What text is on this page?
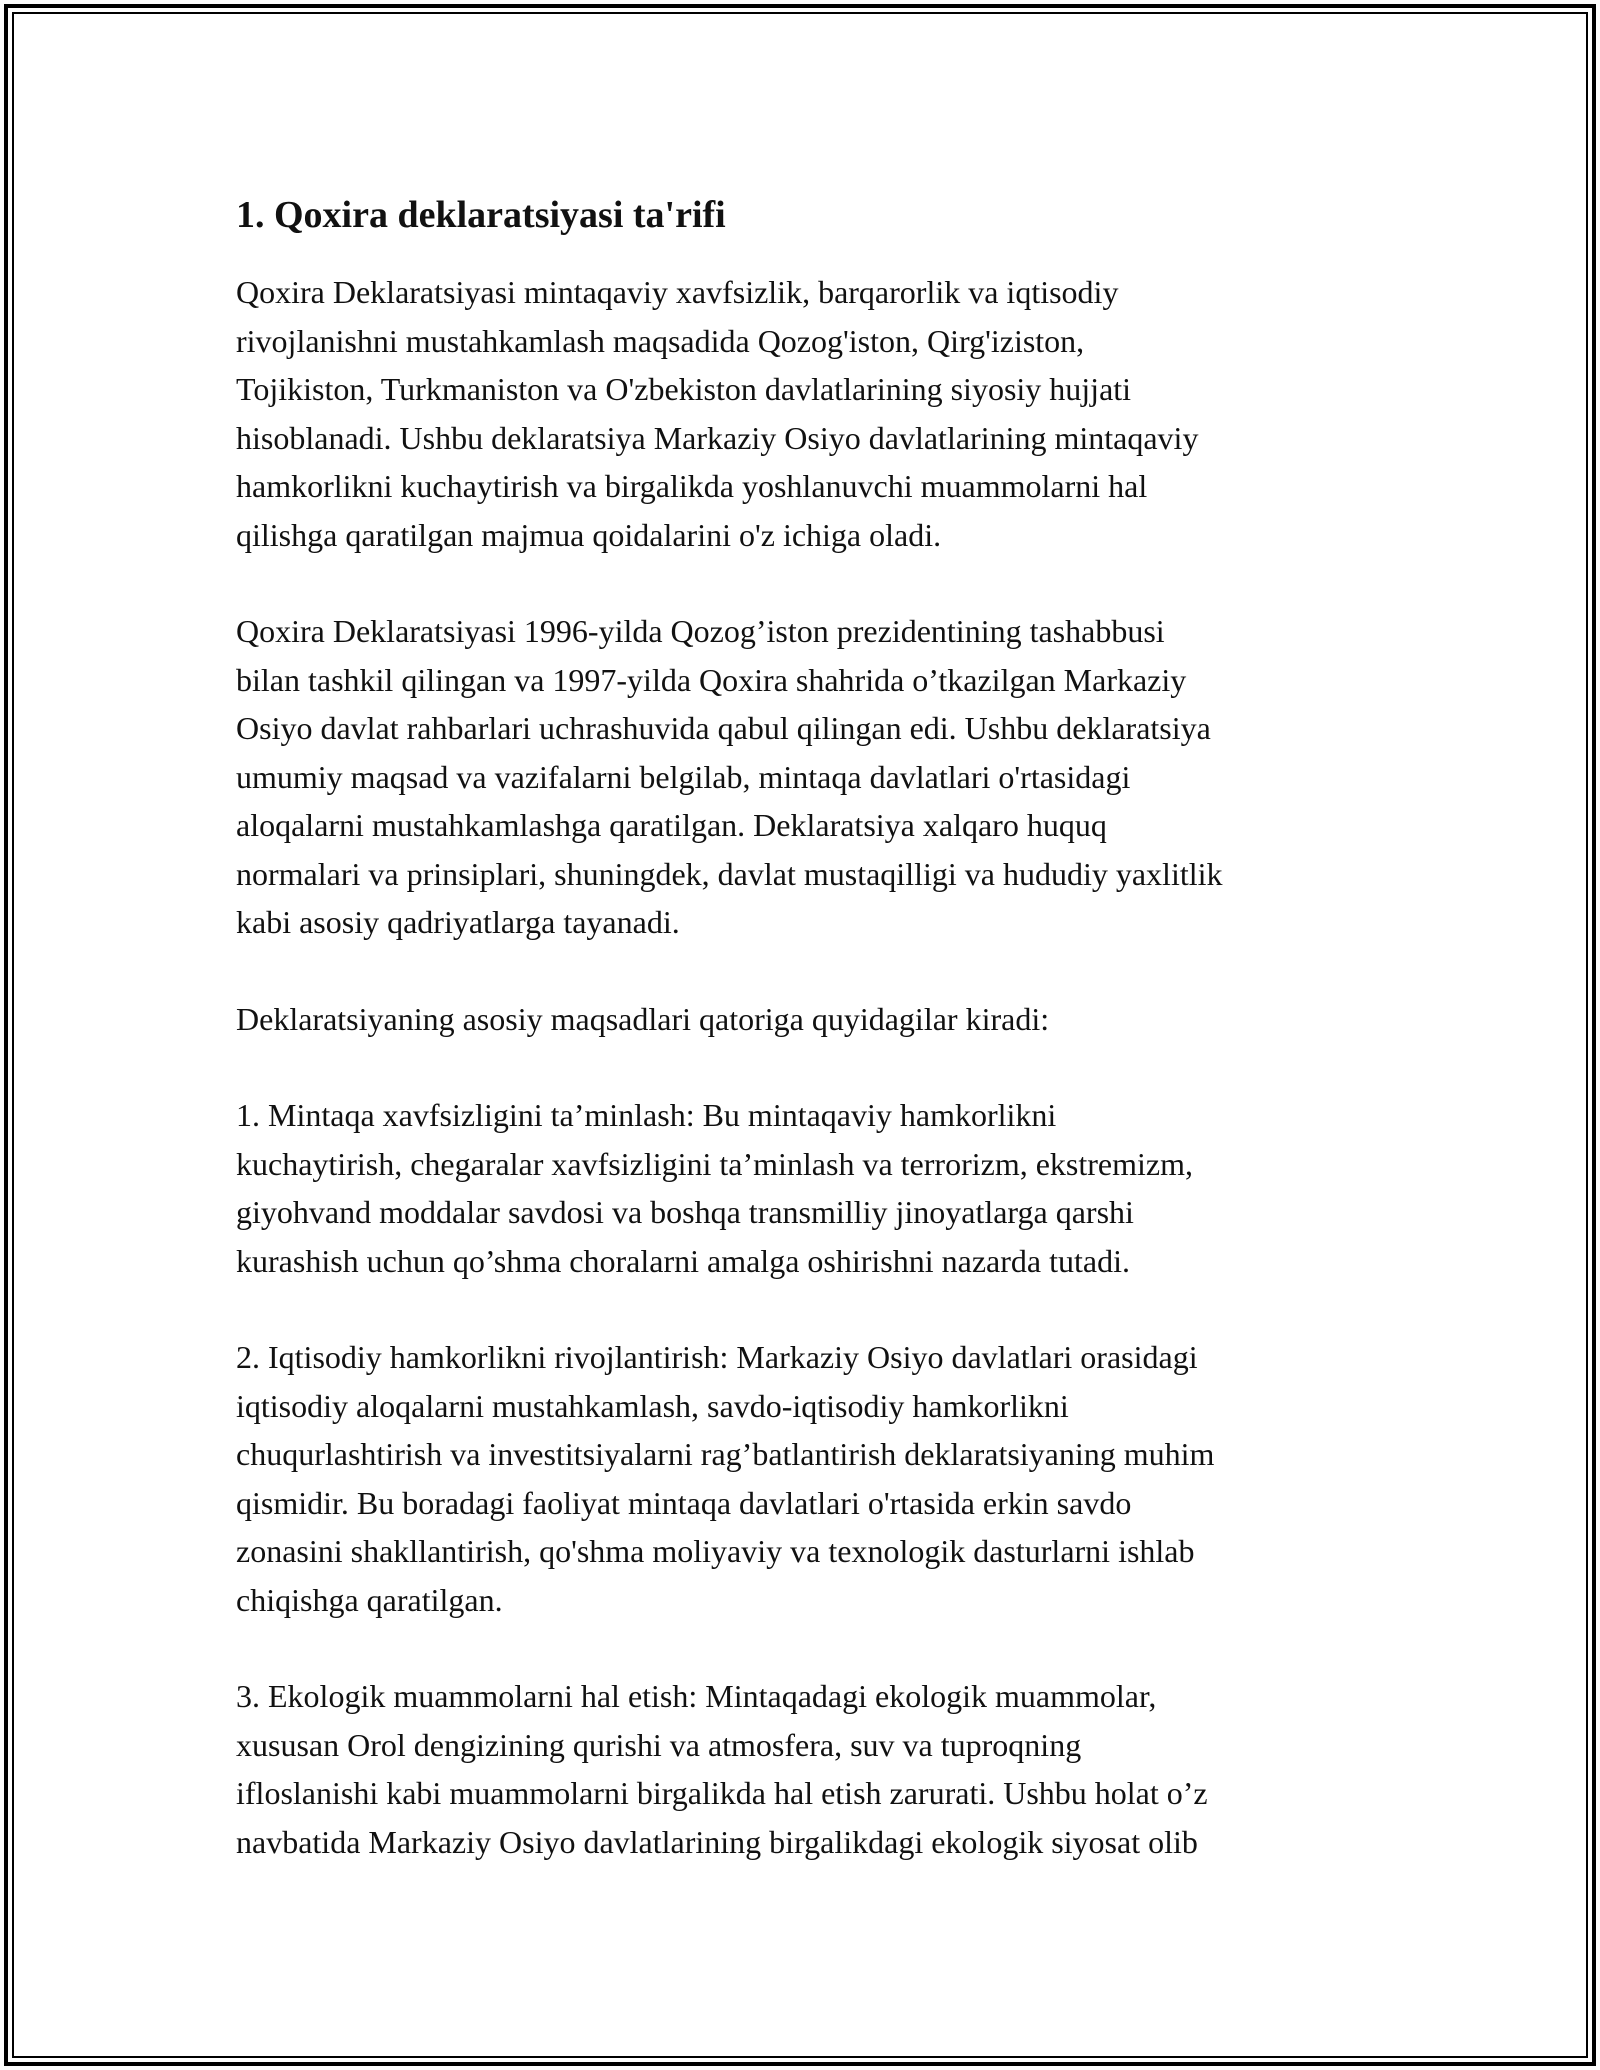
1. Qoxira deklaratsiyasi ta'rifi

Qoxira Deklaratsiyasi mintaqaviy xavfsizlik, barqarorlik va iqtisodiy
rivojlanishni mustahkamlash maqsadida Qozog'iston, Qirg'iziston,
Tojikiston, Turkmaniston va O'zbekiston davlatlarining siyosiy hujjati
hisoblanadi. Ushbu deklaratsiya Markaziy Osiyo davlatlarining mintaqaviy
hamkorlikni kuchaytirish va birgalikda yoshlanuvchi muammolarni hal
qilishga qaratilgan majmua qoidalarini o'z ichiga oladi.

Qoxira Deklaratsiyasi 1996-yilda Qozog’iston prezidentining tashabbusi
bilan tashkil qilingan va 1997-yilda Qoxira shahrida o’tkazilgan Markaziy
Osiyo davlat rahbarlari uchrashuvida qabul qilingan edi. Ushbu deklaratsiya
umumiy maqsad va vazifalarni belgilab, mintaqa davlatlari o'rtasidagi
aloqalarni mustahkamlashga qaratilgan. Deklaratsiya xalqaro huquq
normalari va prinsiplari, shuningdek, davlat mustaqilligi va hududiy yaxlitlik
kabi asosiy qadriyatlarga tayanadi.

Deklaratsiyaning asosiy maqsadlari qatoriga quyidagilar kiradi:

1. Mintaqa xavfsizligini ta’minlash: Bu mintaqaviy hamkorlikni
kuchaytirish, chegaralar xavfsizligini ta’minlash va terrorizm, ekstremizm,
giyohvand moddalar savdosi va boshqa transmilliy jinoyatlarga qarshi
kurashish uchun qo’shma choralarni amalga oshirishni nazarda tutadi.

2. Iqtisodiy hamkorlikni rivojlantirish: Markaziy Osiyo davlatlari orasidagi
iqtisodiy aloqalarni mustahkamlash, savdo-iqtisodiy hamkorlikni
chuqurlashtirish va investitsiyalarni rag’batlantirish deklaratsiyaning muhim
qismidir. Bu boradagi faoliyat mintaqa davlatlari o'rtasida erkin savdo
zonasini shakllantirish, qo'shma moliyaviy va texnologik dasturlarni ishlab
chiqishga qaratilgan.

3. Ekologik muammolarni hal etish: Mintaqadagi ekologik muammolar,
xususan Orol dengizining qurishi va atmosfera, suv va tuproqning
ifloslanishi kabi muammolarni birgalikda hal etish zarurati. Ushbu holat o’z
navbatida Markaziy Osiyo davlatlarining birgalikdagi ekologik siyosat olib
